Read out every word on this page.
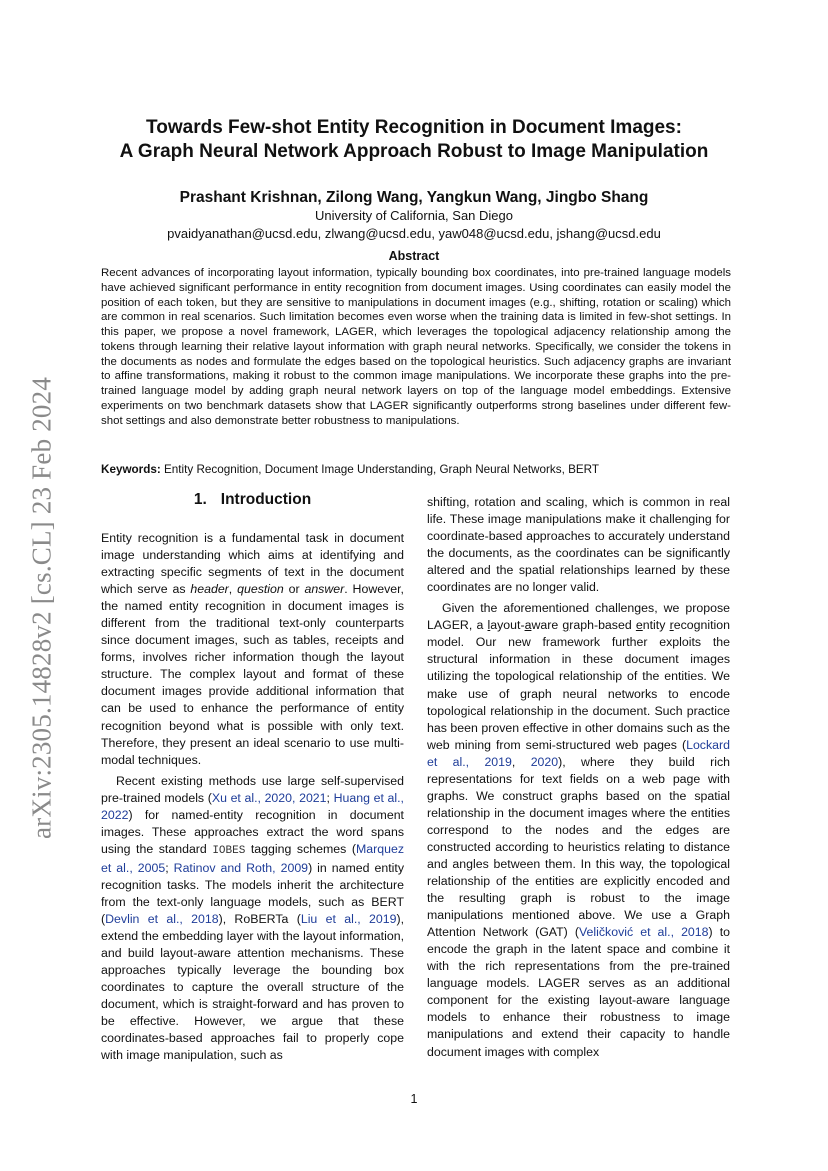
arXiv:2305.14828v2 [cs.CL] 23 Feb 2024
Towards Few-shot Entity Recognition in Document Images:
A Graph Neural Network Approach Robust to Image Manipulation
Prashant Krishnan, Zilong Wang, Yangkun Wang, Jingbo Shang
University of California, San Diego
pvaidyanathan@ucsd.edu, zlwang@ucsd.edu, yaw048@ucsd.edu, jshang@ucsd.edu
Abstract
Recent advances of incorporating layout information, typically bounding box coordinates, into pre-trained language models have achieved significant performance in entity recognition from document images. Using coordinates can easily model the position of each token, but they are sensitive to manipulations in document images (e.g., shifting, rotation or scaling) which are common in real scenarios. Such limitation becomes even worse when the training data is limited in few-shot settings. In this paper, we propose a novel framework, LAGER, which leverages the topological adjacency relationship among the tokens through learning their relative layout information with graph neural networks. Specifically, we consider the tokens in the documents as nodes and formulate the edges based on the topological heuristics. Such adjacency graphs are invariant to affine transformations, making it robust to the common image manipulations. We incorporate these graphs into the pre-trained language model by adding graph neural network layers on top of the language model embeddings. Extensive experiments on two benchmark datasets show that LAGER significantly outperforms strong baselines under different few-shot settings and also demonstrate better robustness to manipulations.
Keywords: Entity Recognition, Document Image Understanding, Graph Neural Networks, BERT
1. Introduction

Entity recognition is a fundamental task in document image understanding which aims at identifying and extracting specific segments of text in the document which serve as header, question or answer. However, the named entity recognition in document images is different from the traditional text-only counterparts since document images, such as tables, receipts and forms, involves richer information though the layout structure. The complex layout and format of these document images provide additional information that can be used to enhance the performance of entity recognition beyond what is possible with only text. Therefore, they present an ideal scenario to use multi-modal techniques.

Recent existing methods use large self-supervised pre-trained models (Xu et al., 2020, 2021; Huang et al., 2022) for named-entity recognition in document images. These approaches extract the word spans using the standard IOBES tagging schemes (Marquez et al., 2005; Ratinov and Roth, 2009) in named entity recognition tasks. The models inherit the architecture from the text-only language models, such as BERT (Devlin et al., 2018), RoBERTa (Liu et al., 2019), extend the embedding layer with the layout information, and build layout-aware attention mechanisms. These approaches typically leverage the bounding box coordinates to capture the overall structure of the document, which is straight-forward and has proven to be effective. However, we argue that these coordinates-based approaches fail to properly cope with image manipulation, such as

shifting, rotation and scaling, which is common in real life. These image manipulations make it challenging for coordinate-based approaches to accurately understand the documents, as the coordinates can be significantly altered and the spatial relationships learned by these coordinates are no longer valid.

Given the aforementioned challenges, we propose LAGER, a layout-aware graph-based entity recognition model. Our new framework further exploits the structural information in these document images utilizing the topological relationship of the entities. We make use of graph neural networks to encode topological relationship in the document. Such practice has been proven effective in other domains such as the web mining from semi-structured web pages (Lockard et al., 2019, 2020), where they build rich representations for text fields on a web page with graphs. We construct graphs based on the spatial relationship in the document images where the entities correspond to the nodes and the edges are constructed according to heuristics relating to distance and angles between them. In this way, the topological relationship of the entities are explicitly encoded and the resulting graph is robust to the image manipulations mentioned above. We use a Graph Attention Network (GAT) (Veličković et al., 2018) to encode the graph in the latent space and combine it with the rich representations from the pre-trained language models. LAGER serves as an additional component for the existing layout-aware language models to enhance their robustness to image manipulations and extend their capacity to handle document images with complex

1
